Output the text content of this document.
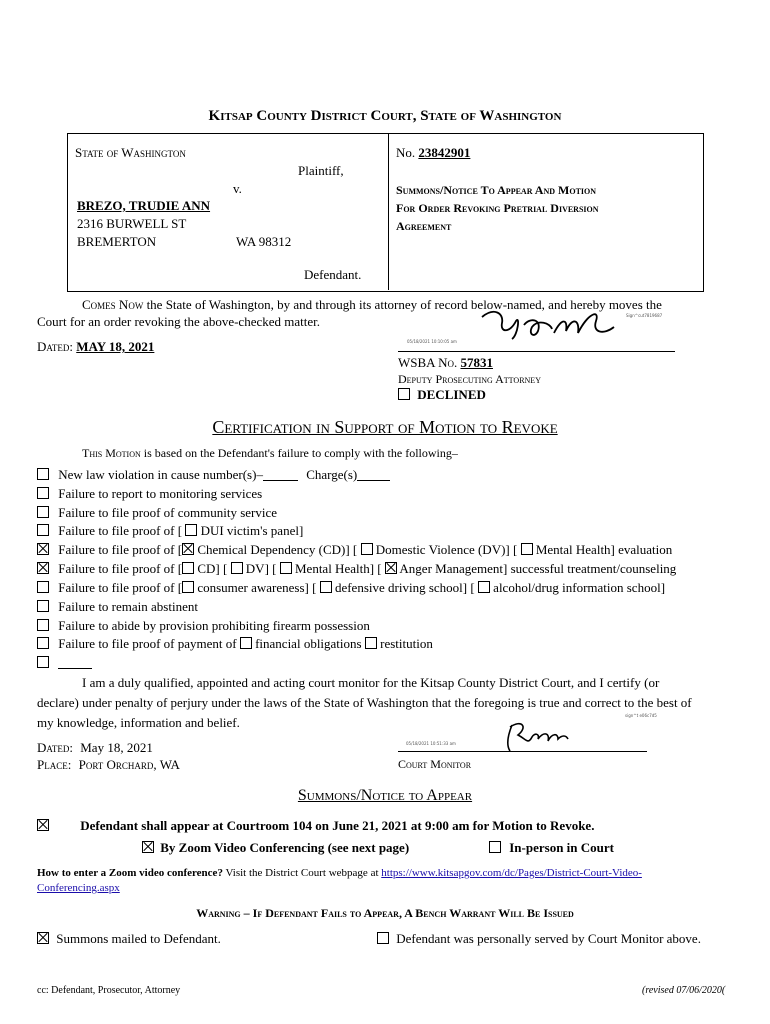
Kitsap County District Court, State of Washington
State of Washington
Plaintiff,
v.
BREZO, TRUDIE ANN
2316 BURWELL ST
BREMERTON	WA 98312
Defendant.
No. 23842901
Summons/Notice To Appear And Motion
For Order Revoking Pretrial Diversion
Agreement
Comes Now the State of Washington, by and through its attorney of record below-named, and hereby moves the
Court for an order revoking the above-checked matter.	Sign^cut7819687
05/18/2021 10:10:05 am
Dated: MAY 18, 2021
WSBA No. 57831
Deputy Prosecuting Attorney
DECLINED
Certification in Support of Motion to Revoke
This Motion is based on the Defendant's failure to comply with the following–
New law violation in cause number(s)–	Charge(s)
Failure to report to monitoring services
Failure to file proof of community service
Failure to file proof of [ DUI victim's panel]
Failure to file proof of [ Chemical Dependency (CD)] [ Domestic Violence (DV)] [ Mental Health] evaluation
Failure to file proof of [ CD] [ DV] [ Mental Health] [ Anger Management] successful treatment/counseling
Failure to file proof of [ consumer awareness] [ defensive driving school] [ alcohol/drug information school]
Failure to remain abstinent
Failure to abide by provision prohibiting firearm possession
Failure to file proof of payment of financial obligations restitution

I am a duly qualified, appointed and acting court monitor for the Kitsap County District Court, and I certify (or
declare) under penalty of perjury under the laws of the State of Washington that the foregoing is true and correct to the best of
my knowledge, information and belief.	sign^t e06c7d5
05/18/2021 10:51:33 am
Dated: May 18, 2021
Place: Port Orchard, WA	Court Monitor
Summons/Notice to Appear
Defendant shall appear at Courtroom 104 on June 21, 2021 at 9:00 am for Motion to Revoke.
By Zoom Video Conferencing (see next page)	In-person in Court
How to enter a Zoom video conference? Visit the District Court webpage at https://www.kitsapgov.com/dc/Pages/District-Court-Video-
Conferencing.aspx
Warning – If Defendant Fails to Appear, A Bench Warrant Will Be Issued
Summons mailed to Defendant.	Defendant was personally served by Court Monitor above.
cc: Defendant, Prosecutor, Attorney	(revised 07/06/2020(
